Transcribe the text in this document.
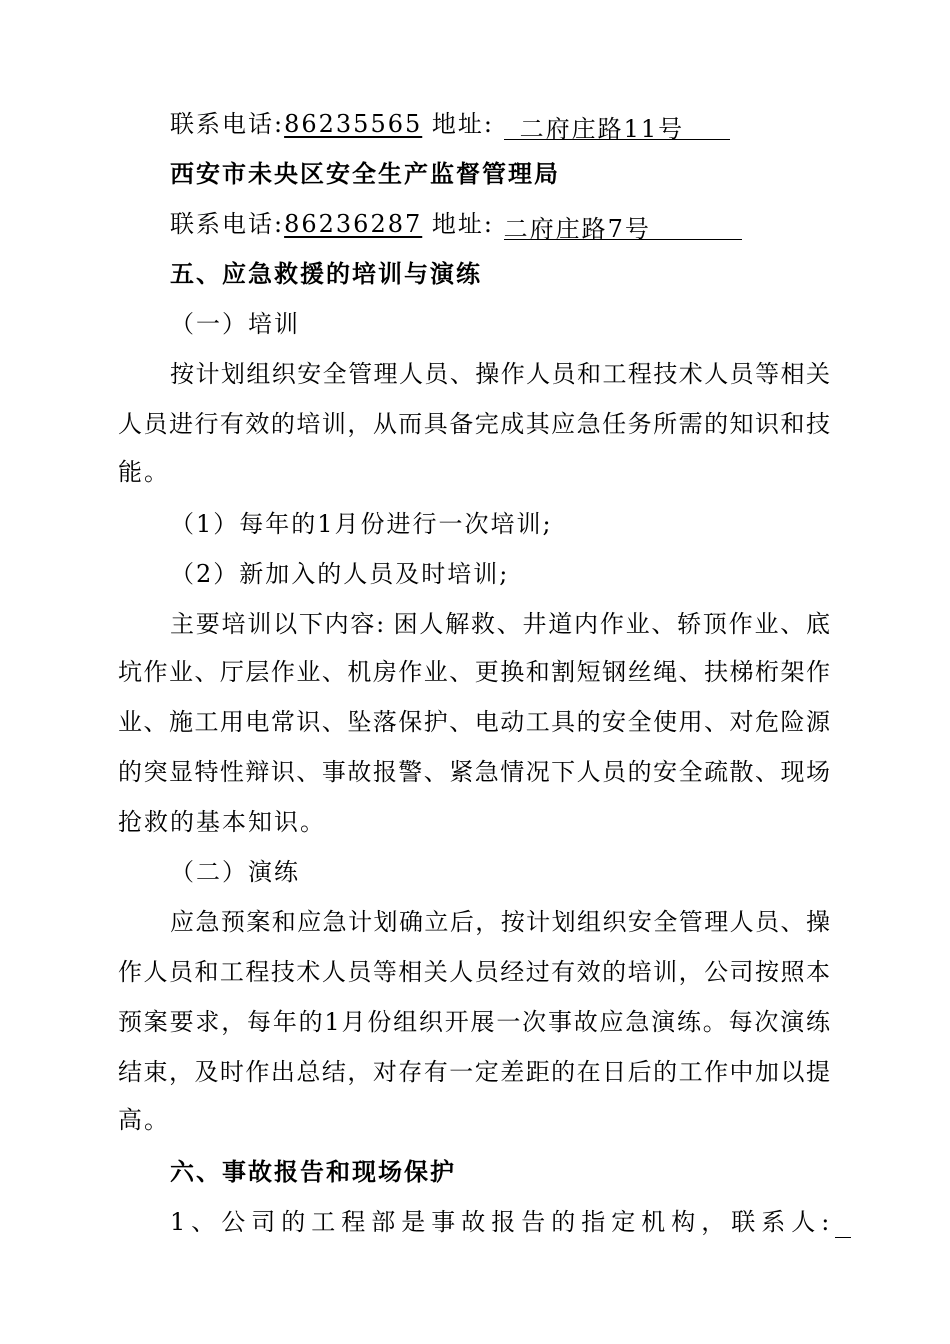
联系电话:86235565 地址: 二府庄路11号
西安市未央区安全生产监督管理局
联系电话:86236287 地址: 二府庄路7号
五、应急救援的培训与演练
（一）培训
按计划组织安全管理人员、操作人员和工程技术人员等相关
人员进行有效的培训，从而具备完成其应急任务所需的知识和技
能。
（1）每年的1月份进行一次培训;
（2）新加入的人员及时培训;
主要培训以下内容: 困人解救、井道内作业、轿顶作业、底
坑作业、厅层作业、机房作业、更换和割短钢丝绳、扶梯桁架作
业、施工用电常识、坠落保护、电动工具的安全使用、对危险源
的突显特性辩识、事故报警、紧急情况下人员的安全疏散、现场
抢救的基本知识。
（二）演练
应急预案和应急计划确立后，按计划组织安全管理人员、操
作人员和工程技术人员等相关人员经过有效的培训，公司按照本
预案要求，每年的1月份组织开展一次事故应急演练。每次演练
结束，及时作出总结，对存有一定差距的在日后的工作中加以提
高。
六、事故报告和现场保护
1、公司的工程部是事故报告的指定机构，联系人:
